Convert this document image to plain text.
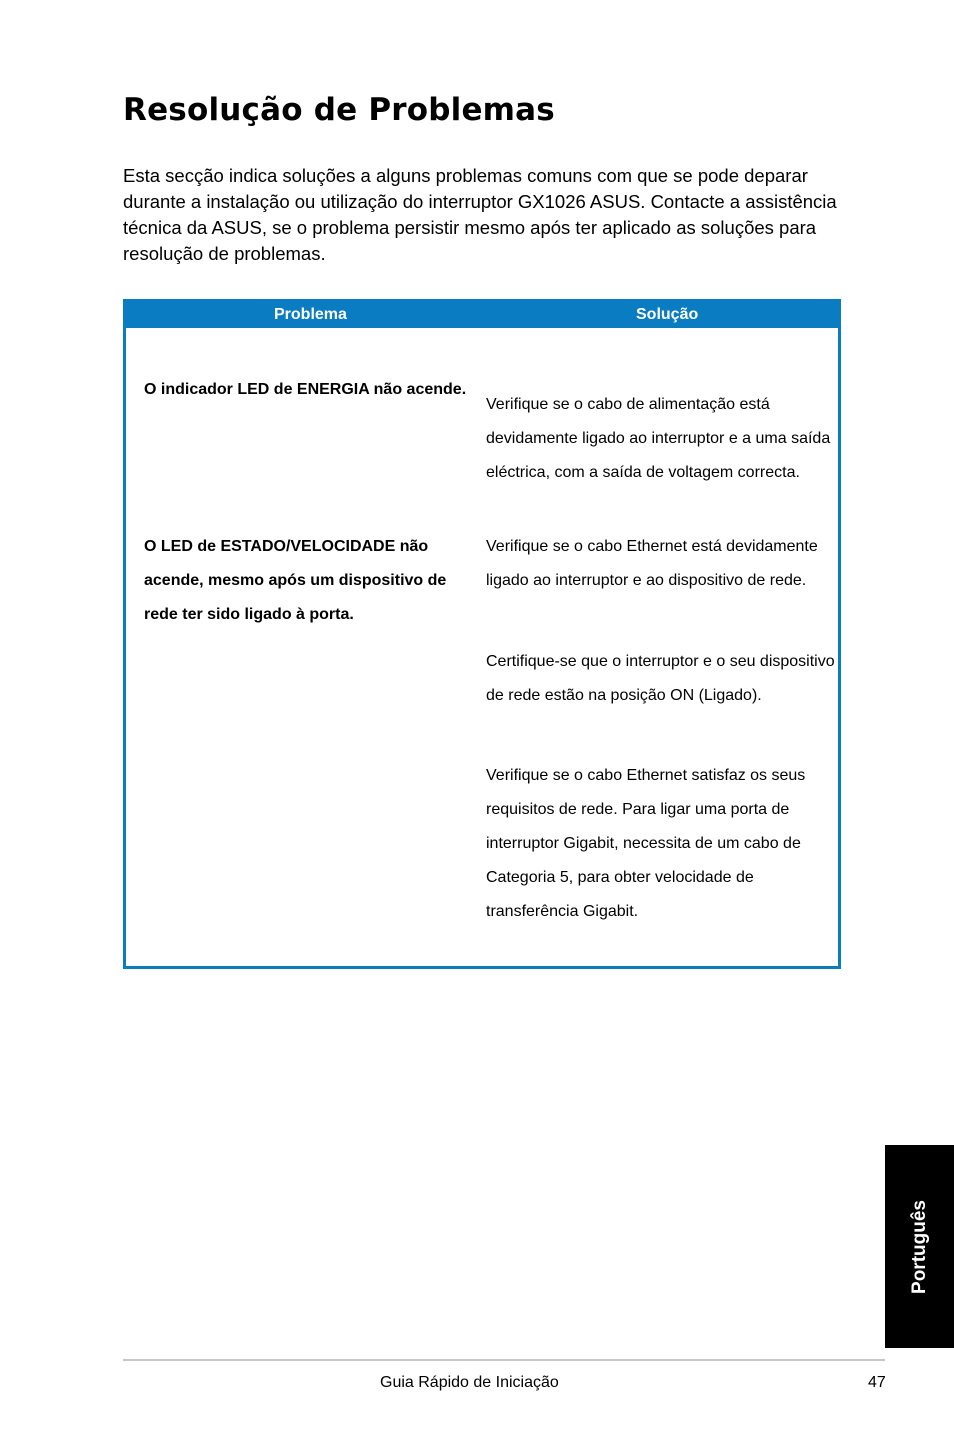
Resolução de Problemas

Esta secção indica soluções a alguns problemas comuns com que se pode deparar durante a instalação ou utilização do interruptor GX1026 ASUS. Contacte a assistência técnica da ASUS, se o problema persistir mesmo após ter aplicado as soluções para resolução de problemas.

Problema	Solução
O indicador LED de ENERGIA não acende.
Verifique se o cabo de alimentação está devidamente ligado ao interruptor e a uma saída eléctrica, com a saída de voltagem correcta.
O LED de ESTADO/VELOCIDADE não acende, mesmo após um dispositivo de rede ter sido ligado à porta.
Verifique se o cabo Ethernet está devidamente ligado ao interruptor e ao dispositivo de rede.
Certifique-se que o interruptor e o seu dispositivo de rede estão na posição ON (Ligado).
Verifique se o cabo Ethernet satisfaz os seus requisitos de rede. Para ligar uma porta de interruptor Gigabit, necessita de um cabo de Categoria 5, para obter velocidade de transferência Gigabit.
Português
Guia Rápido de Iniciação	47
